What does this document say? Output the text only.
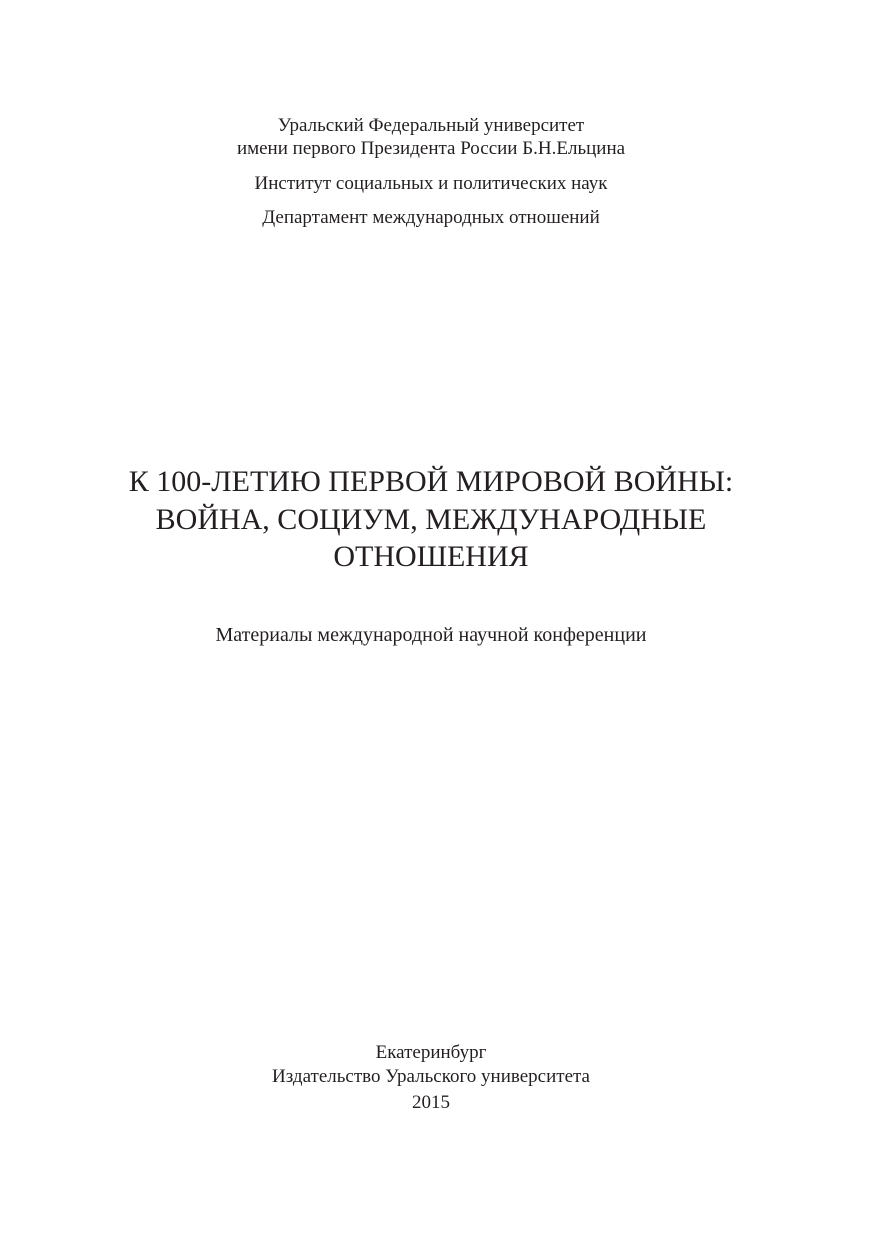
Уральский Федеральный университет

имени первого Президента России Б.Н.Ельцина

Институт социальных и политических наук

Департамент международных отношений

К 100-ЛЕТИЮ ПЕРВОЙ МИРОВОЙ ВОЙНЫ:
ВОЙНА, СОЦИУМ, МЕЖДУНАРОДНЫЕ
ОТНОШЕНИЯ

Материалы международной научной конференции

Екатеринбург

Издательство Уральского университета

2015
